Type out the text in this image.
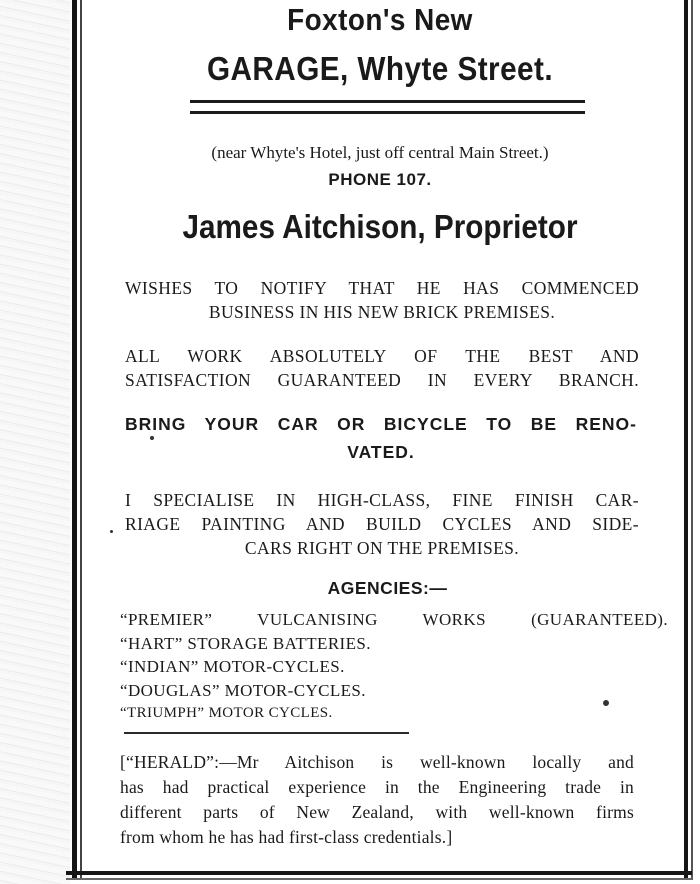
Foxton's New
GARAGE, Whyte Street.
(near Whyte's Hotel, just off central Main Street.)
PHONE 107.
James Aitchison, Proprietor
WISHES TO NOTIFY THAT HE HAS COMMENCED
BUSINESS IN HIS NEW BRICK PREMISES.
ALL WORK ABSOLUTELY OF THE BEST AND
SATISFACTION GUARANTEED IN EVERY BRANCH.
BRING YOUR CAR OR BICYCLE TO BE RENO-
VATED.
I SPECIALISE IN HIGH-CLASS, FINE FINISH CAR-
RIAGE PAINTING AND BUILD CYCLES AND SIDE-
CARS RIGHT ON THE PREMISES.
AGENCIES:—
“PREMIER” VULCANISING WORKS (GUARANTEED).
“HART” STORAGE BATTERIES.
“INDIAN” MOTOR-CYCLES.
“DOUGLAS” MOTOR-CYCLES.
“TRIUMPH” MOTOR CYCLES.
[“HERALD”:—Mr Aitchison is well-known locally and
has had practical experience in the Engineering trade in
different parts of New Zealand, with well-known firms
from whom he has had first-class credentials.]
